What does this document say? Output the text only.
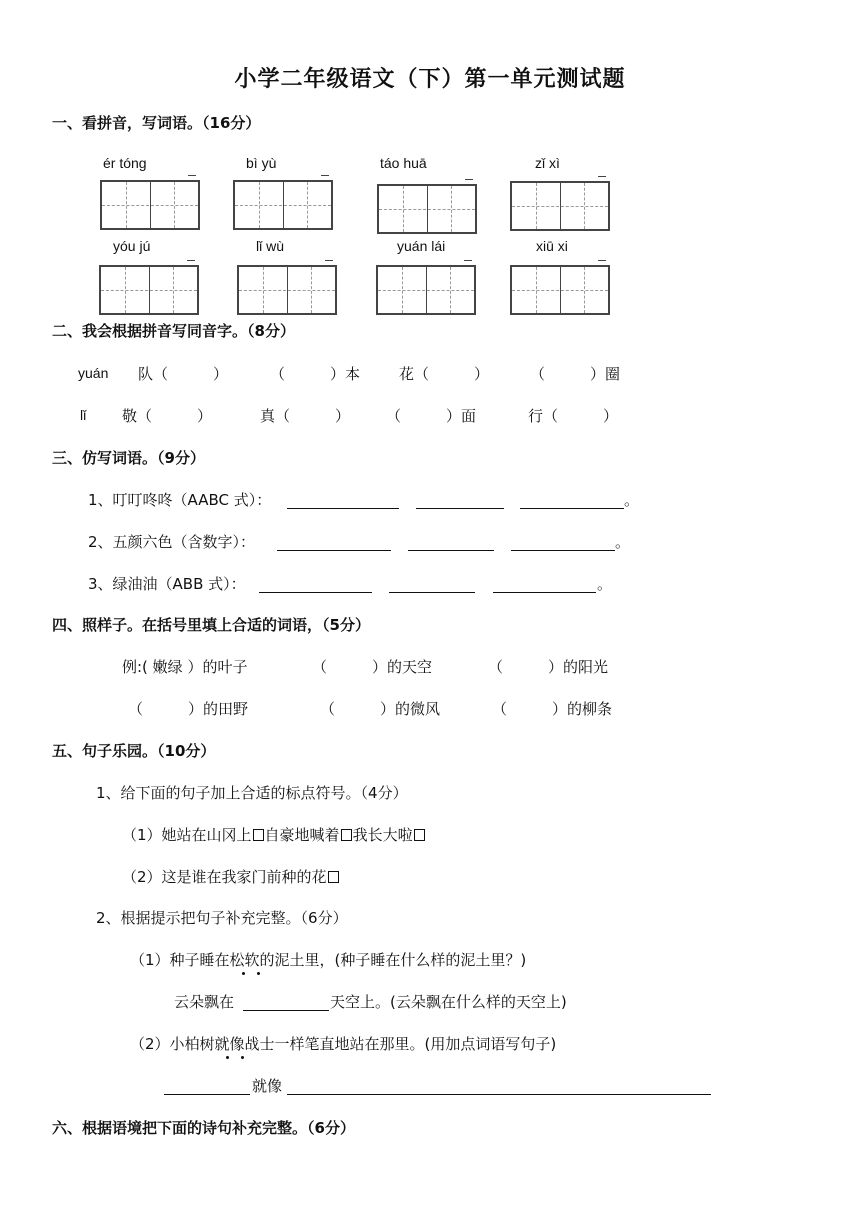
小学二年级语文（下）第一单元测试题
一、看拼音，写词语。（16分）
ér tóng	bì yù	táo huā	zǐ xì
yóu jú	lǐ wù	yuán lái	xiū xi
二、我会根据拼音写同音字。（8分）
yuán 队（　　　）	（　　　）本	花（　　　）	（　　　）圈
lǐ 敬（　　　）	真（　　　） （　　　）面	行（　　　）
三、仿写词语。（9分）
1、叮叮咚咚（AABC 式）：	。
2、五颜六色（含数字）：	。
3、绿油油（ABB 式）：	。
四、照样子。在括号里填上合适的词语，（5分）
例:( 嫩绿 ）的叶子	（　　　）的天空	（　　　）的阳光
（　　　）的田野	（　　　）的微风	（　　　）的柳条
五、句子乐园。（10分）
1、给下面的句子加上合适的标点符号。（4分）
（1）她站在山冈上 自豪地喊着 我长大啦
（2）这是谁在我家门前种的花
2、根据提示把句子补充完整。（6分）
（1）种子睡在松软的泥土里，(种子睡在什么样的泥土里？)
云朵飘在	天空上。(云朵飘在什么样的天空上)
（2）小柏树就像战士一样笔直地站在那里。(用加点词语写句子)
就像
六、根据语境把下面的诗句补充完整。（6分）
